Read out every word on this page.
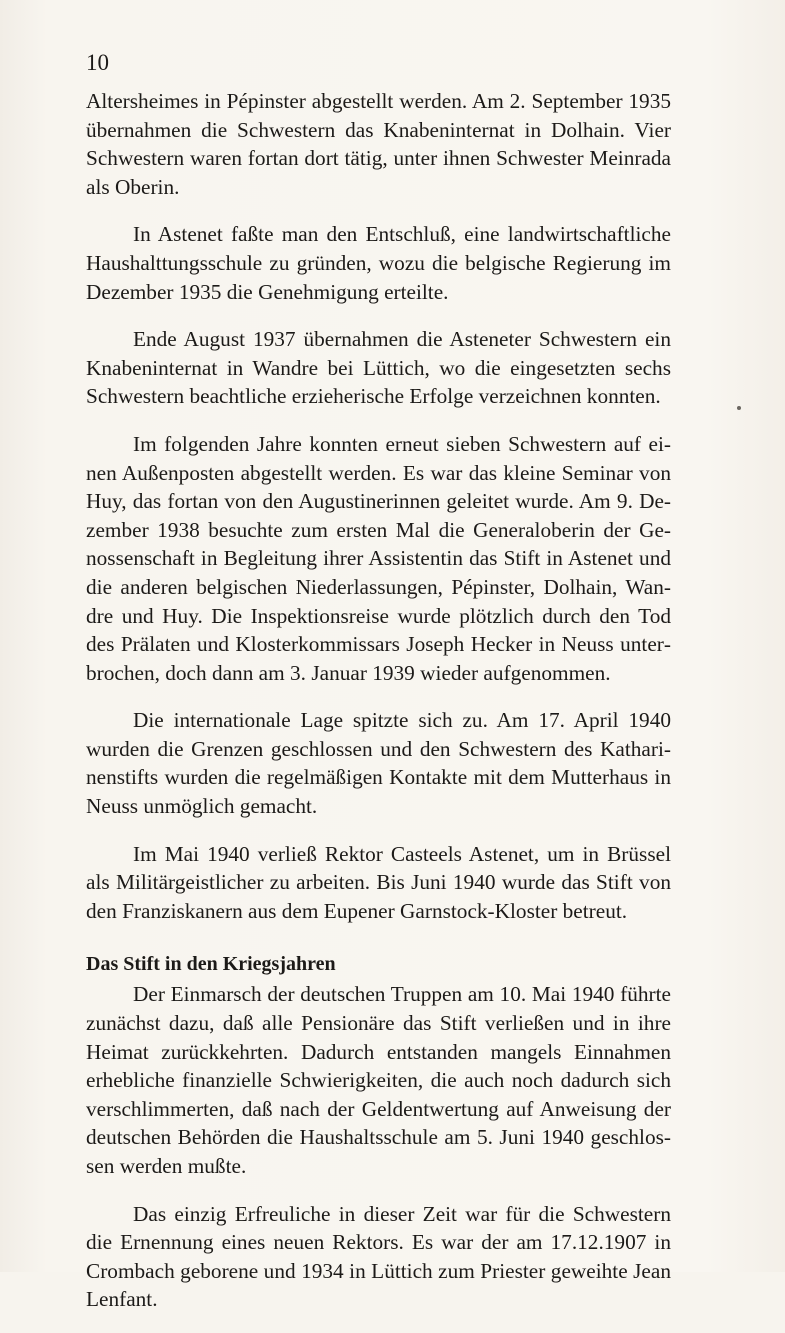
10

Altersheimes in Pépinster abgestellt werden. Am 2. September 1935 übernahmen die Schwestern das Knabeninternat in Dolhain. Vier Schwestern waren fortan dort tätig, unter ihnen Schwester Meinrada als Oberin.

In Astenet faßte man den Entschluß, eine landwirtschaftliche Haushalttungsschule zu gründen, wozu die belgische Regierung im Dezember 1935 die Genehmigung erteilte.

Ende August 1937 übernahmen die Asteneter Schwestern ein Knabeninternat in Wandre bei Lüttich, wo die eingesetzten sechs Schwestern beachtliche erzieherische Erfolge verzeichnen konnten.

Im folgenden Jahre konnten erneut sieben Schwestern auf einen Außenposten abgestellt werden. Es war das kleine Seminar von Huy, das fortan von den Augustinerinnen geleitet wurde. Am 9. Dezember 1938 besuchte zum ersten Mal die Generaloberin der Genossenschaft in Begleitung ihrer Assistentin das Stift in Astenet und die anderen belgischen Niederlassungen, Pépinster, Dolhain, Wandre und Huy. Die Inspektionsreise wurde plötzlich durch den Tod des Prälaten und Klosterkommissars Joseph Hecker in Neuss unterbrochen, doch dann am 3. Januar 1939 wieder aufgenommen.

Die internationale Lage spitzte sich zu. Am 17. April 1940 wurden die Grenzen geschlossen und den Schwestern des Katharinenstifts wurden die regelmäßigen Kontakte mit dem Mutterhaus in Neuss unmöglich gemacht.

Im Mai 1940 verließ Rektor Casteels Astenet, um in Brüssel als Militärgeistlicher zu arbeiten. Bis Juni 1940 wurde das Stift von den Franziskanern aus dem Eupener Garnstock-Kloster betreut.

Das Stift in den Kriegsjahren

Der Einmarsch der deutschen Truppen am 10. Mai 1940 führte zunächst dazu, daß alle Pensionäre das Stift verließen und in ihre Heimat zurückkehrten. Dadurch entstanden mangels Einnahmen erhebliche finanzielle Schwierigkeiten, die auch noch dadurch sich verschlimmerten, daß nach der Geldentwertung auf Anweisung der deutschen Behörden die Haushaltsschule am 5. Juni 1940 geschlossen werden mußte.

Das einzig Erfreuliche in dieser Zeit war für die Schwestern die Ernennung eines neuen Rektors. Es war der am 17.12.1907 in Crombach geborene und 1934 in Lüttich zum Priester geweihte Jean Lenfant.
